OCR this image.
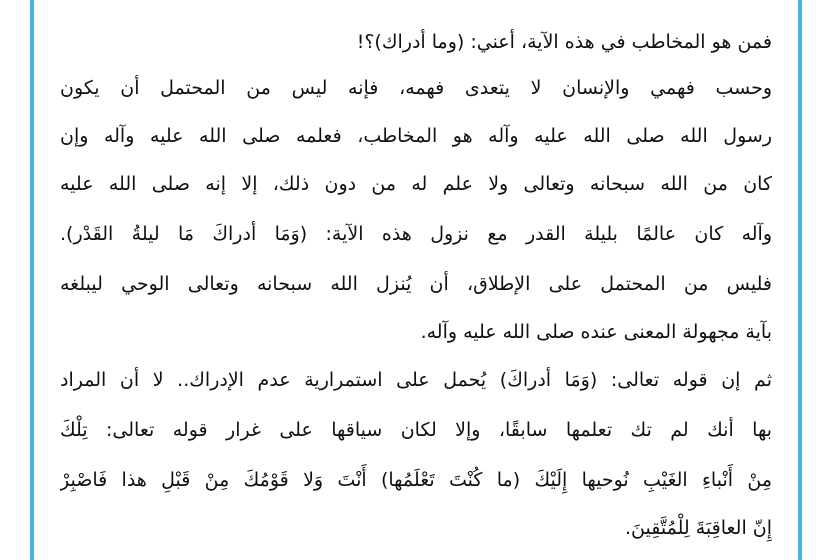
فمن هو المخاطب في هذه الآية، أعني: (وما أدراك)؟!
وحسب فهمي والإنسان لا يتعدى فهمه، فإنه ليس من المحتمل أن يكون
رسول الله صلى الله عليه وآله هو المخاطب، فعلمه صلى الله عليه وآله وإن
كان من الله سبحانه وتعالى ولا علم له من دون ذلك، إلا إنه صلى الله عليه
وآله كان عالمًا بليلة القدر مع نزول هذه الآية: (وَمَا أدراكَ مَا ليلةُ القَدْر).
فليس من المحتمل على الإطلاق، أن يُنزل الله سبحانه وتعالى الوحي ليبلغه
بآية مجهولة المعنى عنده صلى الله عليه وآله.
ثم إن قوله تعالى: (وَمَا أدراكَ) يُحمل على استمرارية عدم الإدراك.. لا أن المراد
بها أنك لم تك تعلمها سابقًا، وإلا لكان سياقها على غرار قوله تعالى: تِلْكَ
مِنْ أَنْباءِ الغَيْبِ نُوحيها إِلَيْكَ (ما كُنْتَ تَعْلَمُها) أَنْتَ وَلا قَوْمُكَ مِنْ قَبْلِ هذا فَاصْبِرْ
إِنّ العاقِبَةَ لِلْمُتَّقِينَ.
